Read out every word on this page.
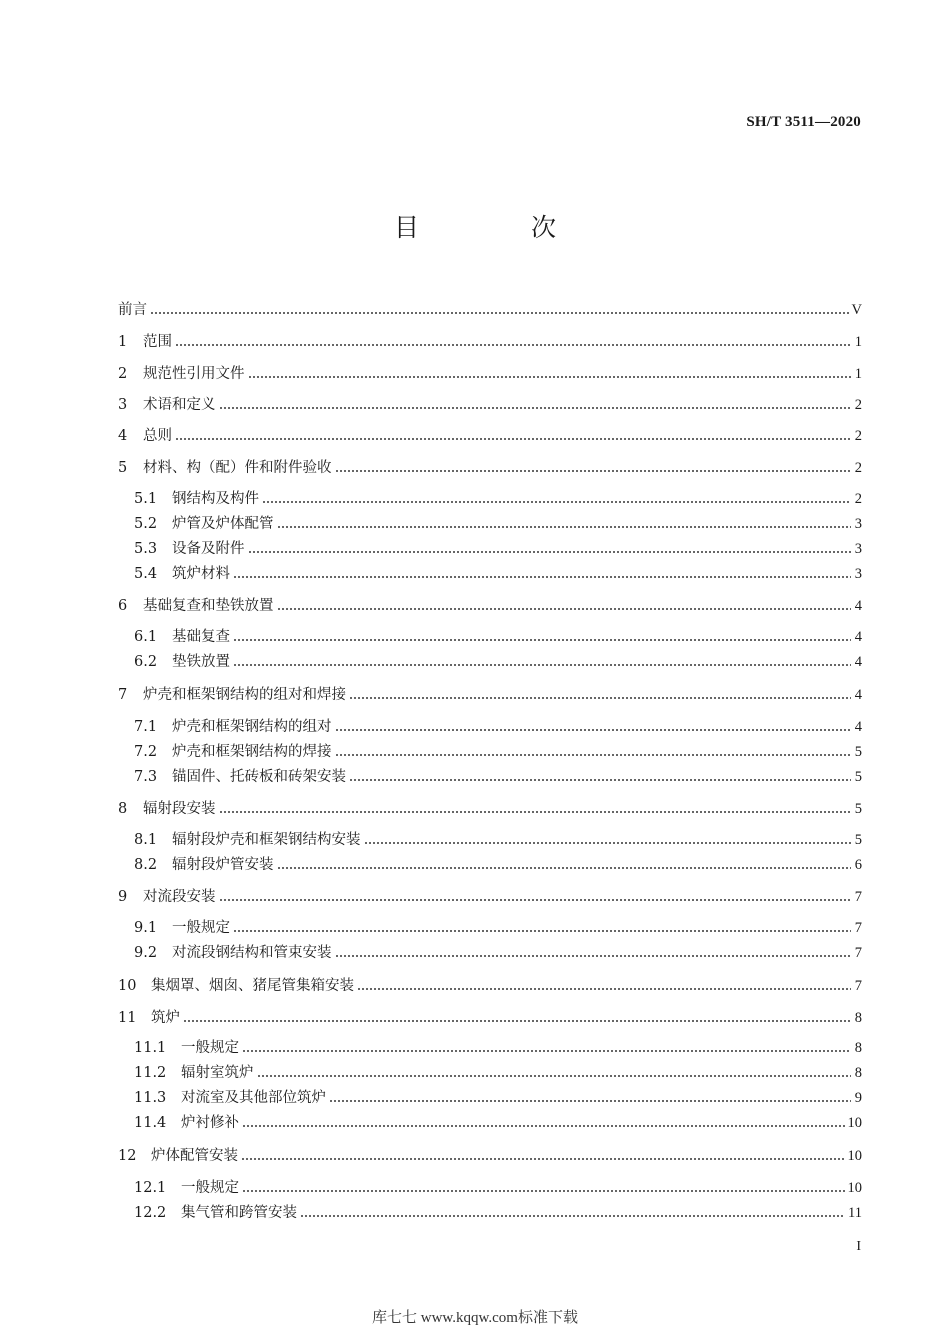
SH/T 3511—2020
目 次
前言	V
1	范围	1
2	规范性引用文件	1
3	术语和定义	2
4	总则	2
5	材料、构（配）件和附件验收	2
5.1	钢结构及构件	2
5.2	炉管及炉体配管	3
5.3	设备及附件	3
5.4	筑炉材料	3
6	基础复查和垫铁放置	4
6.1	基础复查	4
6.2	垫铁放置	4
7	炉壳和框架钢结构的组对和焊接	4
7.1	炉壳和框架钢结构的组对	4
7.2	炉壳和框架钢结构的焊接	5
7.3	锚固件、托砖板和砖架安装	5
8	辐射段安装	5
8.1	辐射段炉壳和框架钢结构安装	5
8.2	辐射段炉管安装	6
9	对流段安装	7
9.1	一般规定	7
9.2	对流段钢结构和管束安装	7
10	集烟罩、烟囱、猪尾管集箱安装	7
11	筑炉	8
11.1	一般规定	8
11.2	辐射室筑炉	8
11.3	对流室及其他部位筑炉	9
11.4	炉衬修补	10
12	炉体配管安装	10
12.1	一般规定	10
12.2	集气管和跨管安装	11
I
库七七 www.kqqw.com标准下载
